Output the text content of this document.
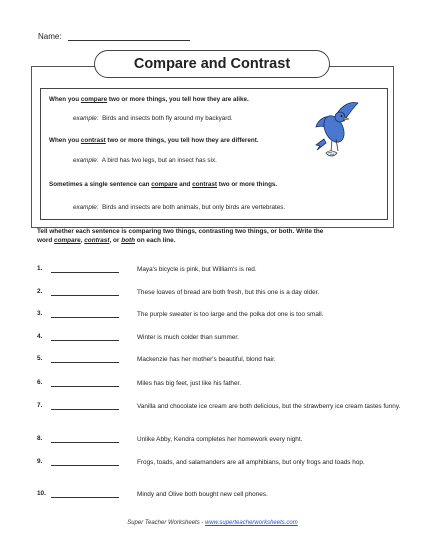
Name:
Compare and Contrast
When you compare two or more things, you tell how they are alike.
example: Birds and insects both fly around my backyard.
When you contrast two or more things, you tell how they are different.
example: A bird has two legs, but an insect has six.
Sometimes a single sentence can compare and contrast two or more things.
example: Birds and insects are both animals, but only birds are vertebrates.
Tell whether each sentence is comparing two things, contrasting two things, or both. Write the
word compare, contrast, or both on each line.
1.	Maya's bicycle is pink, but William's is red.
2.	These loaves of bread are both fresh, but this one is a day older.
3.	The purple sweater is too large and the polka dot one is too small.
4.	Winter is much colder than summer.
5.	Mackenzie has her mother's beautiful, blond hair.
6.	Miles has big feet, just like his father.
7.	Vanilla and chocolate ice cream are both delicious, but the strawberry ice cream tastes funny.
8.	Unlike Abby, Kendra completes her homework every night.
9.	Frogs, toads, and salamanders are all amphibians, but only frogs and toads hop.
10.	Mindy and Olive both bought new cell phones.
Super Teacher Worksheets - www.superteacherworksheets.com
